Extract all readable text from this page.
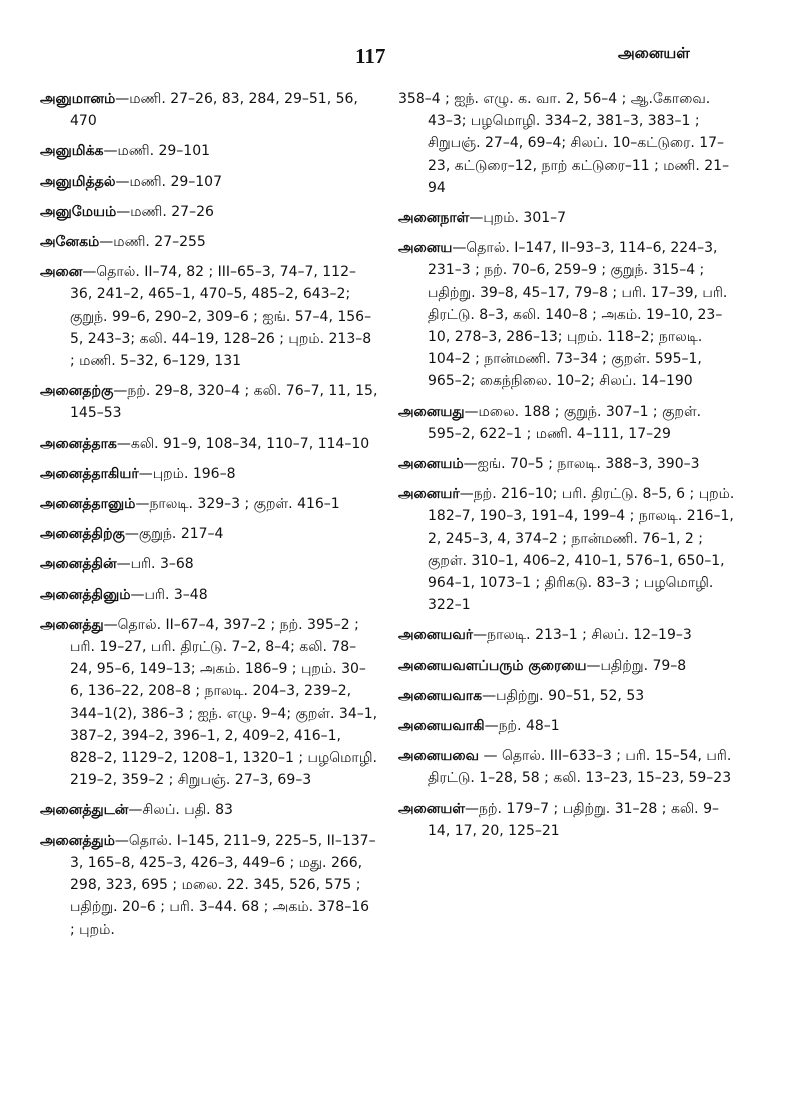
117	அனையள்

அனுமானம்—மணி. 27–26, 83, 284, 29–51, 56, 470

அனுமிக்க—மணி. 29–101

அனுமித்தல்—மணி. 29–107

அனுமேயம்—மணி. 27–26

அனேகம்—மணி. 27–255

அனை—தொல். II–74, 82 ; III–65–3, 74–7, 112–36, 241–2, 465–1, 470–5, 485–2, 643–2; குறுந். 99–6, 290–2, 309–6 ; ஐங். 57–4, 156–5, 243–3; கலி. 44–19, 128–26 ; புறம். 213–8 ; மணி. 5–32, 6–129, 131

அனைதற்கு—நற். 29–8, 320–4 ; கலி. 76–7, 11, 15, 145–53

அனைத்தாக—கலி. 91–9, 108–34, 110–7, 114–10

அனைத்தாகியர்—புறம். 196–8

அனைத்தானும்—நாலடி. 329–3 ; குறள். 416–1

அனைத்திற்கு—குறுந். 217–4

அனைத்தின்—பரி. 3–68

அனைத்தினும்—பரி. 3–48

அனைத்து—தொல். II–67–4, 397–2 ; நற். 395–2 ; பரி. 19–27, பரி. திரட்டு. 7–2, 8–4; கலி. 78–24, 95–6, 149–13; அகம். 186–9 ; புறம். 30–6, 136–22, 208–8 ; நாலடி. 204–3, 239–2, 344–1(2), 386–3 ; ஐந். எழு. 9–4; குறள். 34–1, 387–2, 394–2, 396–1, 2, 409–2, 416–1, 828–2, 1129–2, 1208–1, 1320–1 ; பழமொழி. 219–2, 359–2 ; சிறுபஞ். 27–3, 69–3

அனைத்துடன்—சிலப். பதி. 83

அனைத்தும்—தொல். I–145, 211–9, 225–5, II–137–3, 165–8, 425–3, 426–3, 449–6 ; மது. 266, 298, 323, 695 ; மலை. 22. 345, 526, 575 ; பதிற்று. 20–6 ; பரி. 3–44. 68 ; அகம். 378–16 ; புறம்.

358–4 ; ஐந். எழு. க. வா. 2, 56–4 ; ஆ.கோவை. 43–3; பழமொழி. 334–2, 381–3, 383–1 ; சிறுபஞ். 27–4, 69–4; சிலப். 10–கட்டுரை. 17–23, கட்டுரை–12, நாற் கட்டுரை–11 ; மணி. 21–94

அனைநாள்—புறம். 301–7

அனைய—தொல். I–147, II–93–3, 114–6, 224–3, 231–3 ; நற். 70–6, 259–9 ; குறுந். 315–4 ; பதிற்று. 39–8, 45–17, 79–8 ; பரி. 17–39, பரி. திரட்டு. 8–3, கலி. 140–8 ; அகம். 19–10, 23–10, 278–3, 286–13; புறம். 118–2; நாலடி. 104–2 ; நான்மணி. 73–34 ; குறள். 595–1, 965–2; கைந்நிலை. 10–2; சிலப். 14–190

அனையது—மலை. 188 ; குறுந். 307–1 ; குறள். 595–2, 622–1 ; மணி. 4–111, 17–29

அனையம்—ஐங். 70–5 ; நாலடி. 388–3, 390–3

அனையர்—நற். 216–10; பரி. திரட்டு. 8–5, 6 ; புறம். 182–7, 190–3, 191–4, 199–4 ; நாலடி. 216–1, 2, 245–3, 4, 374–2 ; நான்மணி. 76–1, 2 ; குறள். 310–1, 406–2, 410–1, 576–1, 650–1, 964–1, 1073–1 ; திரிகடு. 83–3 ; பழமொழி. 322–1

அனையவர்—நாலடி. 213–1 ; சிலப். 12–19–3

அனையவளப்பரும் குரையை—பதிற்று. 79–8

அனையவாக—பதிற்று. 90–51, 52, 53

அனையவாகி—நற். 48–1

அனையவை — தொல். III–633–3 ; பரி. 15–54, பரி. திரட்டு. 1–28, 58 ; கலி. 13–23, 15–23, 59–23

அனையள்—நற். 179–7 ; பதிற்று. 31–28 ; கலி. 9–14, 17, 20, 125–21
